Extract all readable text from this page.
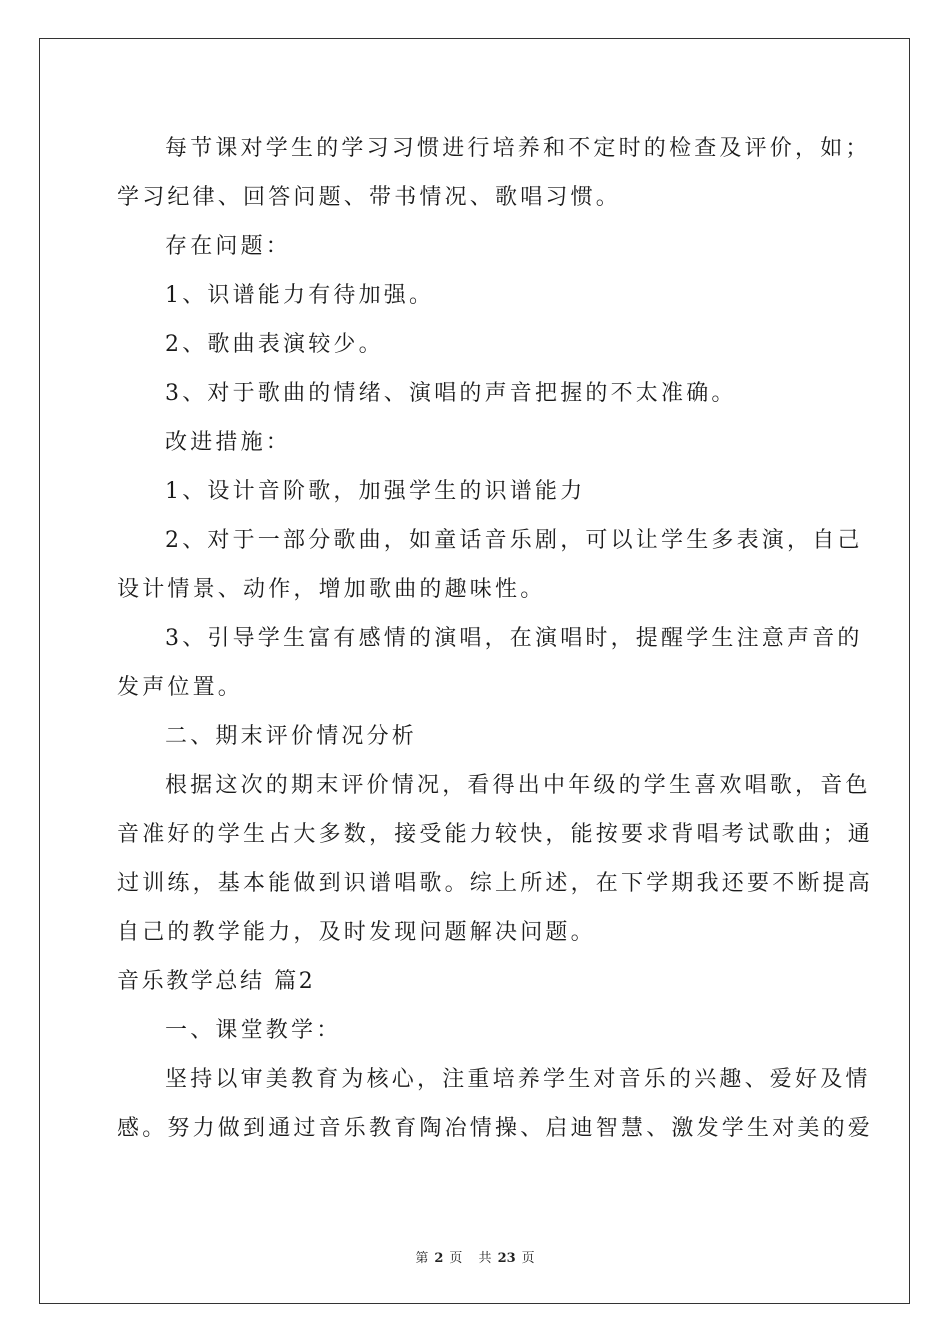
每节课对学生的学习习惯进行培养和不定时的检查及评价，如；
学习纪律、回答问题、带书情况、歌唱习惯。
存在问题：
1、识谱能力有待加强。
2、歌曲表演较少。
3、对于歌曲的情绪、演唱的声音把握的不太准确。
改进措施：
1、设计音阶歌，加强学生的识谱能力
2、对于一部分歌曲，如童话音乐剧，可以让学生多表演，自己
设计情景、动作，增加歌曲的趣味性。
3、引导学生富有感情的演唱，在演唱时，提醒学生注意声音的
发声位置。
二、期末评价情况分析
根据这次的期末评价情况，看得出中年级的学生喜欢唱歌，音色
音准好的学生占大多数，接受能力较快，能按要求背唱考试歌曲；通
过训练，基本能做到识谱唱歌。综上所述，在下学期我还要不断提高
自己的教学能力，及时发现问题解决问题。
音乐教学总结 篇2
一、课堂教学：
坚持以审美教育为核心，注重培养学生对音乐的兴趣、爱好及情
感。努力做到通过音乐教育陶冶情操、启迪智慧、激发学生对美的爱
第 2 页 共 23 页
